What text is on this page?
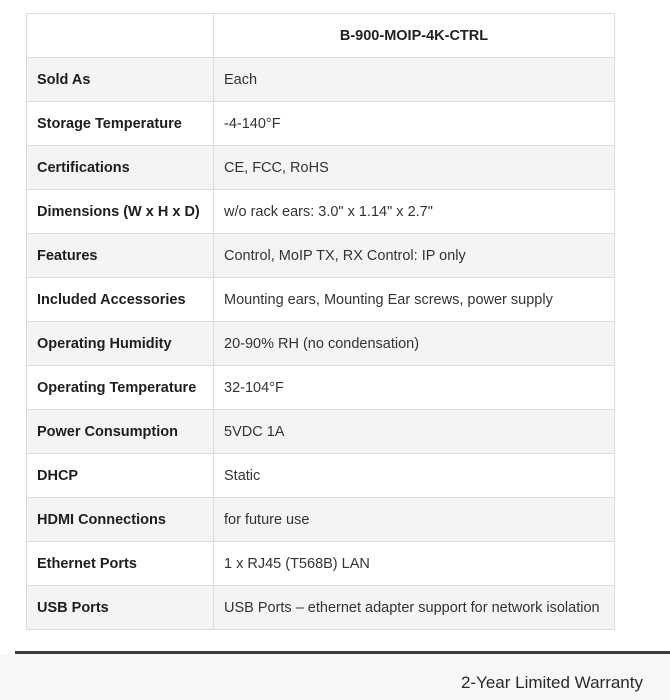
	B-900-MOIP-4K-CTRL
Sold As	Each
Storage Temperature	-4-140°F
Certifications	CE, FCC, RoHS
Dimensions (W x H x D)	w/o rack ears: 3.0" x 1.14" x 2.7"
Features	Control, MoIP TX, RX Control: IP only
Included Accessories	Mounting ears, Mounting Ear screws, power supply
Operating Humidity	20-90% RH (no condensation)
Operating Temperature	32-104°F
Power Consumption	5VDC 1A
DHCP	Static
HDMI Connections	for future use
Ethernet Ports	1 x RJ45 (T568B) LAN
USB Ports	USB Ports – ethernet adapter support for network isolation
2-Year Limited Warranty
